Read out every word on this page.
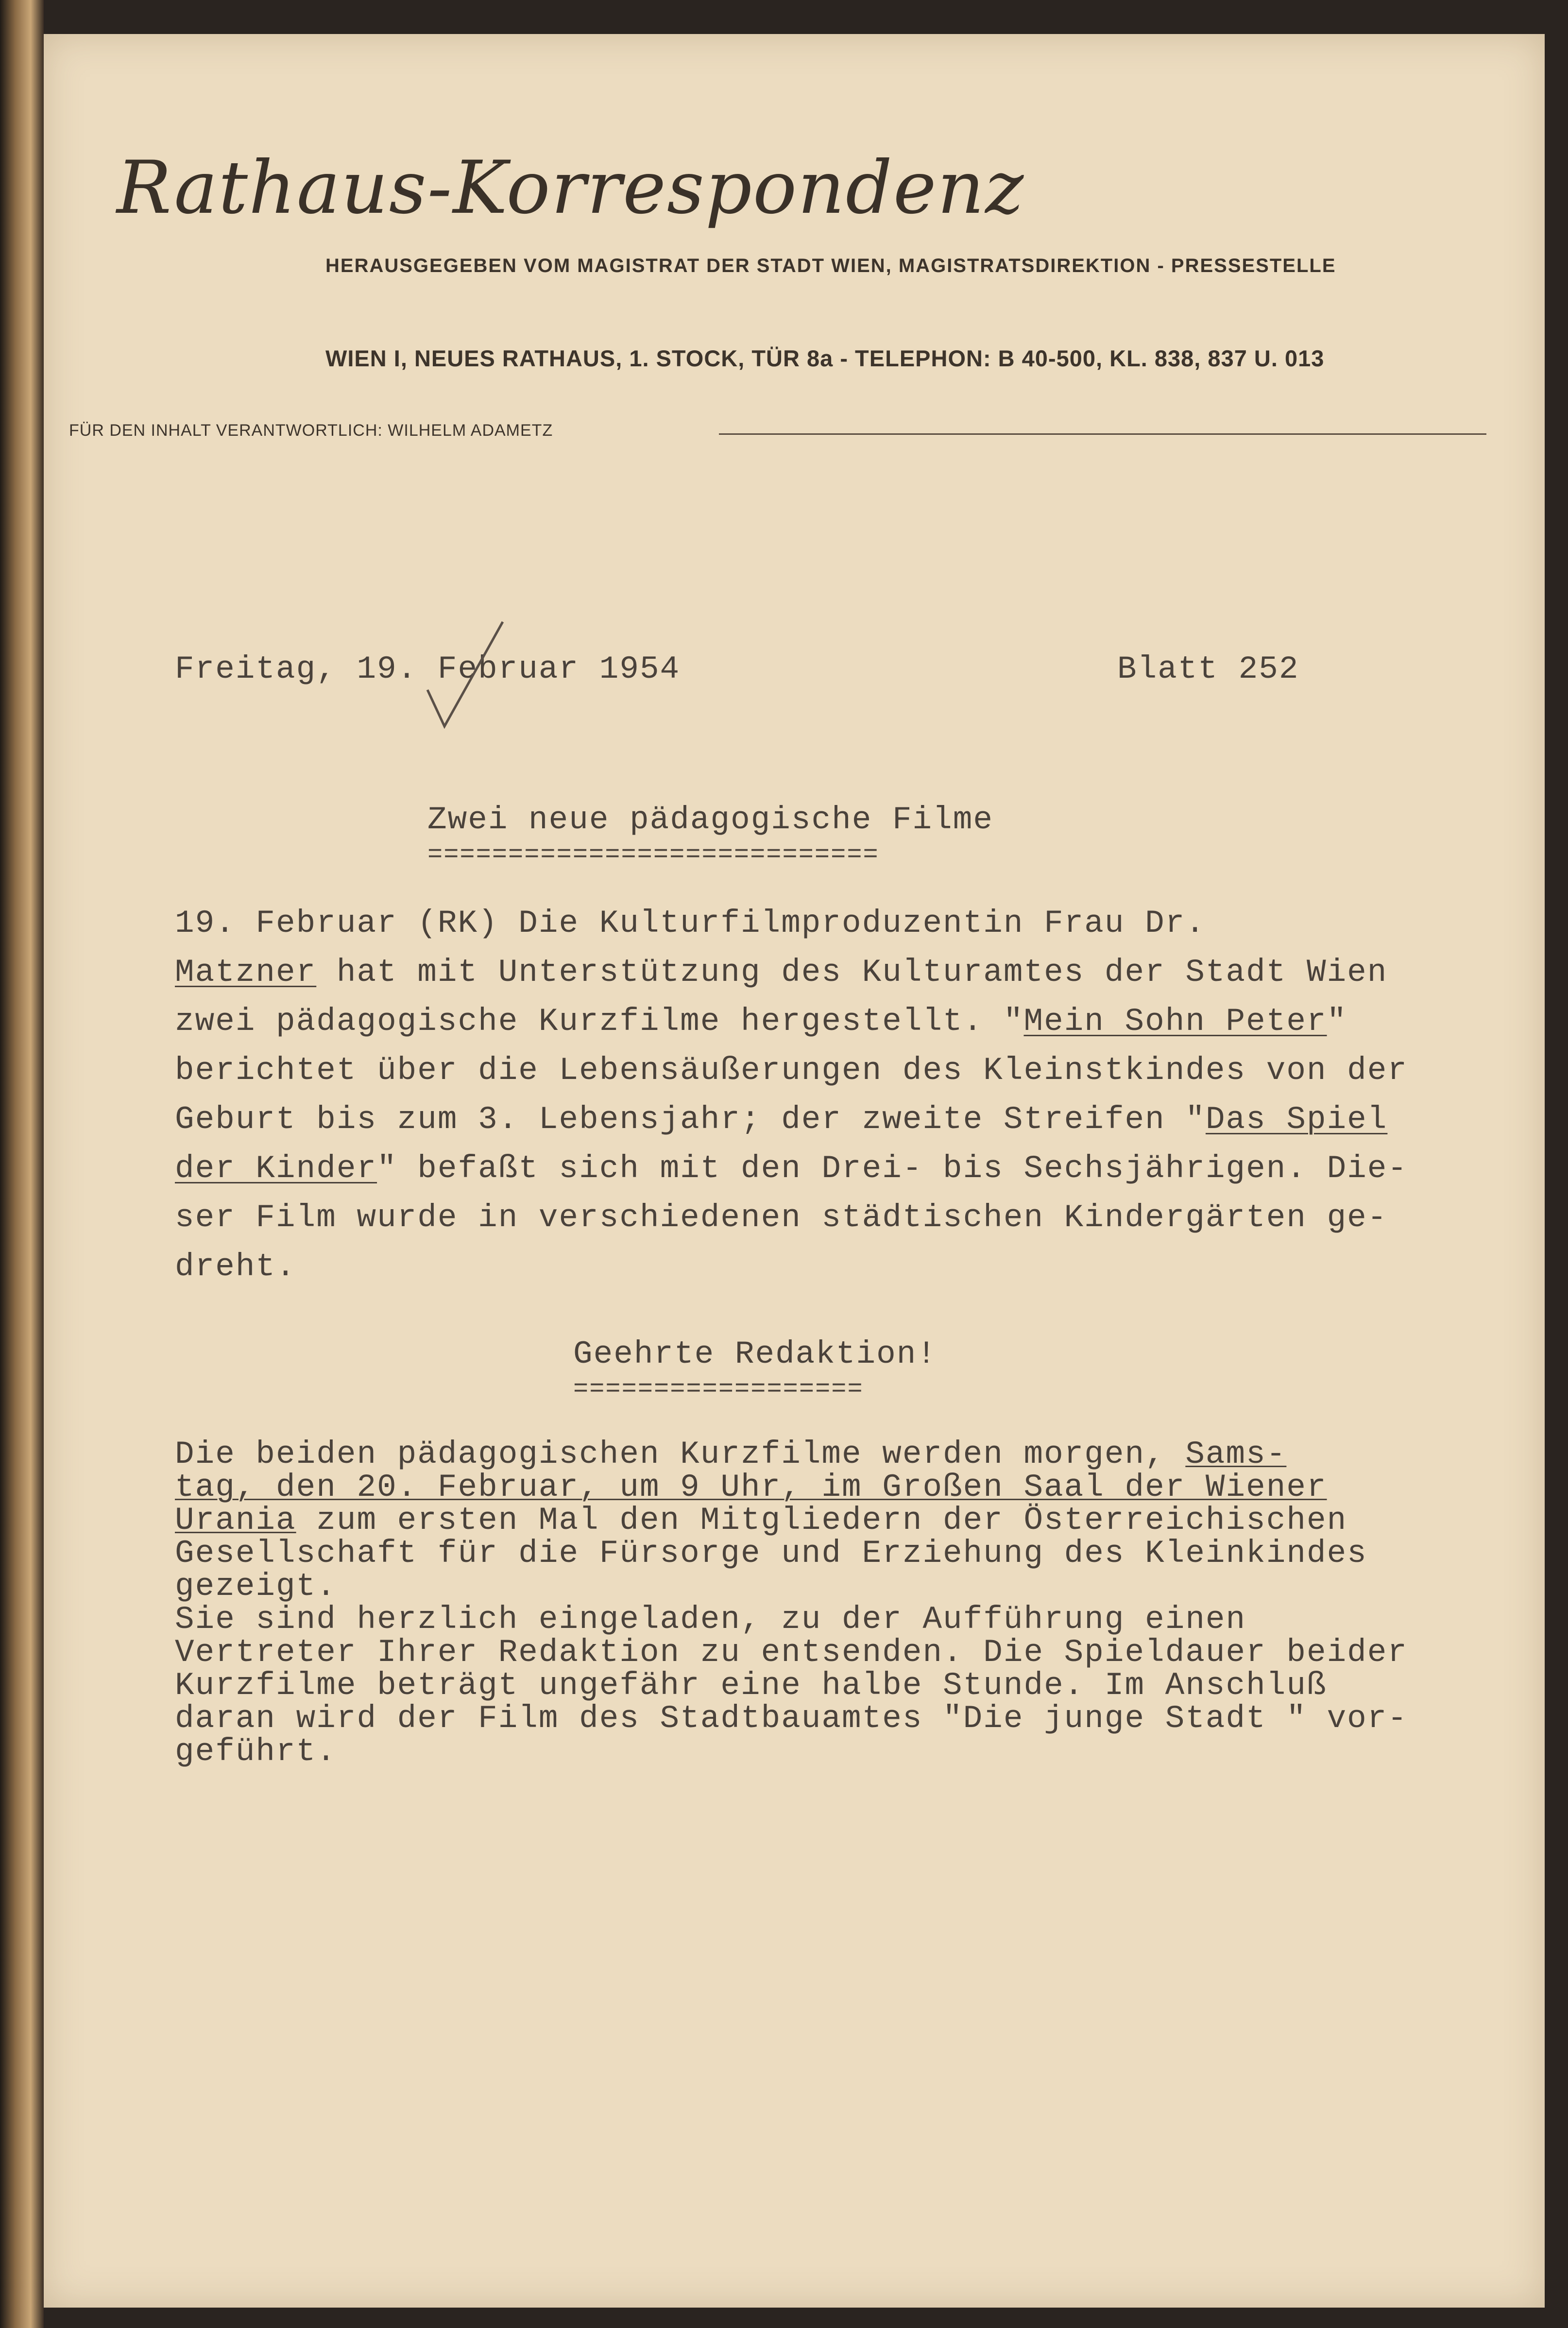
Rathaus-Korrespondenz
HERAUSGEGEBEN VOM MAGISTRAT DER STADT WIEN, MAGISTRATSDIREKTION - PRESSESTELLE
WIEN I, NEUES RATHAUS, 1. STOCK, TÜR 8a - TELEPHON: B 40-500, KL. 838, 837 U. 013
FÜR DEN INHALT VERANTWORTLICH: WILHELM ADAMETZ
Freitag, 19. Februar 1954	Blatt 252
Zwei neue pädagogische Filme
============================
19. Februar (RK) Die Kulturfilmproduzentin Frau Dr.
Matzner hat mit Unterstützung des Kulturamtes der Stadt Wien
zwei pädagogische Kurzfilme hergestellt. "Mein Sohn Peter"
berichtet über die Lebensäußerungen des Kleinstkindes von der
Geburt bis zum 3. Lebensjahr; der zweite Streifen "Das Spiel
der Kinder" befaßt sich mit den Drei- bis Sechsjährigen. Die-
ser Film wurde in verschiedenen städtischen Kindergärten ge-
dreht.
Geehrte Redaktion!
==================
Die beiden pädagogischen Kurzfilme werden morgen, Sams-
tag, den 20. Februar, um 9 Uhr, im Großen Saal der Wiener
Urania zum ersten Mal den Mitgliedern der Österreichischen
Gesellschaft für die Fürsorge und Erziehung des Kleinkindes
gezeigt.
Sie sind herzlich eingeladen, zu der Aufführung einen
Vertreter Ihrer Redaktion zu entsenden. Die Spieldauer beider
Kurzfilme beträgt ungefähr eine halbe Stunde. Im Anschluß
daran wird der Film des Stadtbauamtes "Die junge Stadt " vor-
geführt.
